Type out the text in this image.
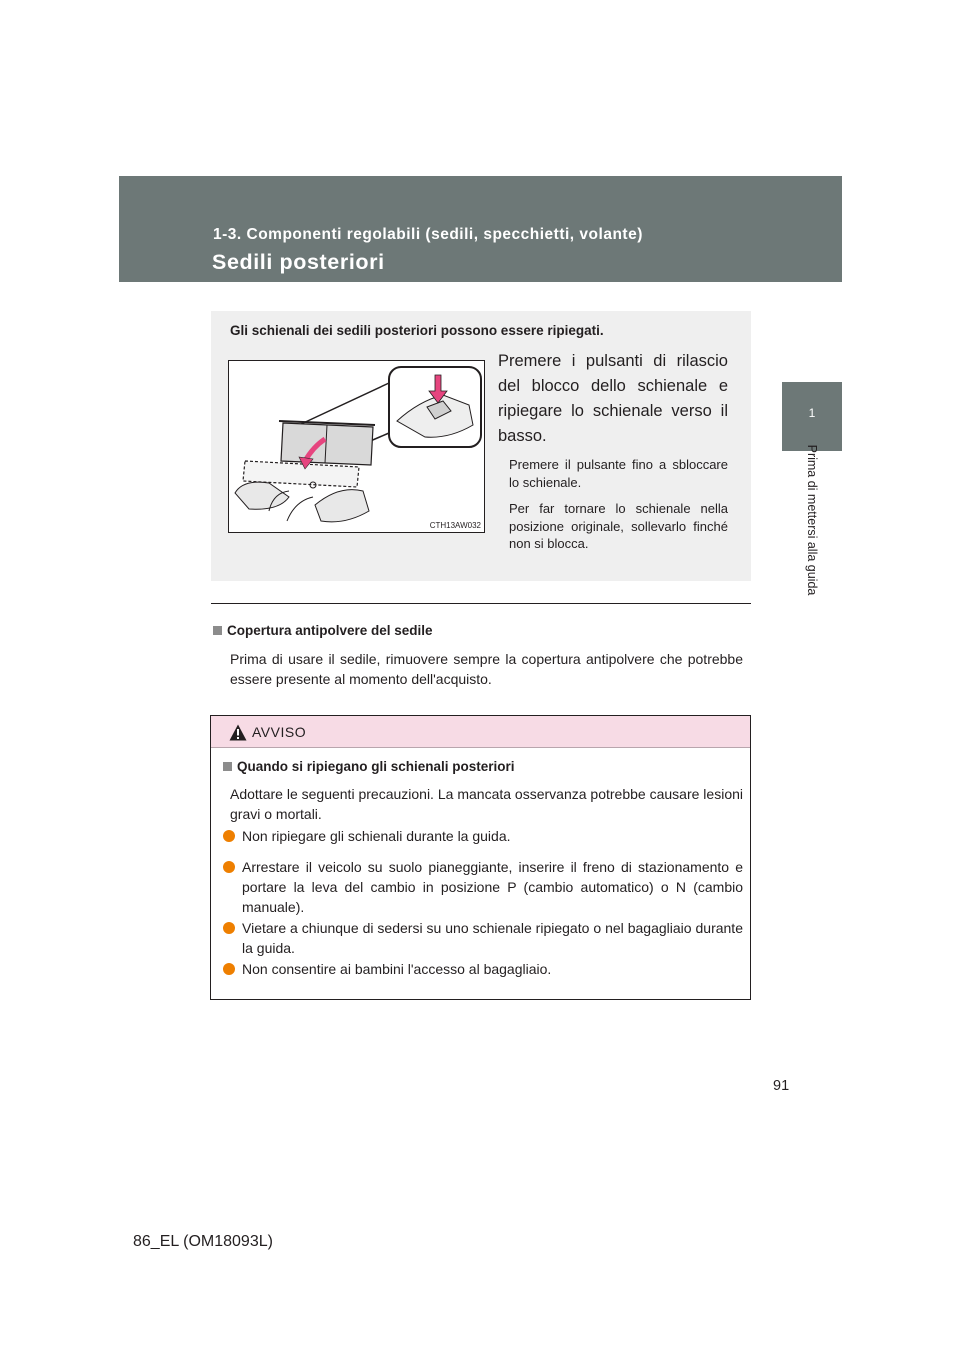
1-3. Componenti regolabili (sedili, specchietti, volante)
Sedili posteriori
1
Prima di mettersi alla guida

Gli schienali dei sedili posteriori possono essere ripiegati.

CTH13AW032

Premere i pulsanti di rilascio del blocco dello schienale e ripiegare lo schienale verso il basso.

Premere il pulsante fino a sbloccare lo schienale.

Per far tornare lo schienale nella posizione originale, sollevarlo finché non si blocca.

Copertura antipolvere del sedile

Prima di usare il sedile, rimuovere sempre la copertura antipolvere che potrebbe essere presente al momento dell'acquisto.

AVVISO

Quando si ripiegano gli schienali posteriori

Adottare le seguenti precauzioni. La mancata osservanza potrebbe causare lesioni gravi o mortali.

Non ripiegare gli schienali durante la guida.

Arrestare il veicolo su suolo pianeggiante, inserire il freno di stazionamento e portare la leva del cambio in posizione P (cambio automatico) o N (cambio manuale).

Vietare a chiunque di sedersi su uno schienale ripiegato o nel bagagliaio durante la guida.

Non consentire ai bambini l'accesso al bagagliaio.

91
86_EL (OM18093L)
